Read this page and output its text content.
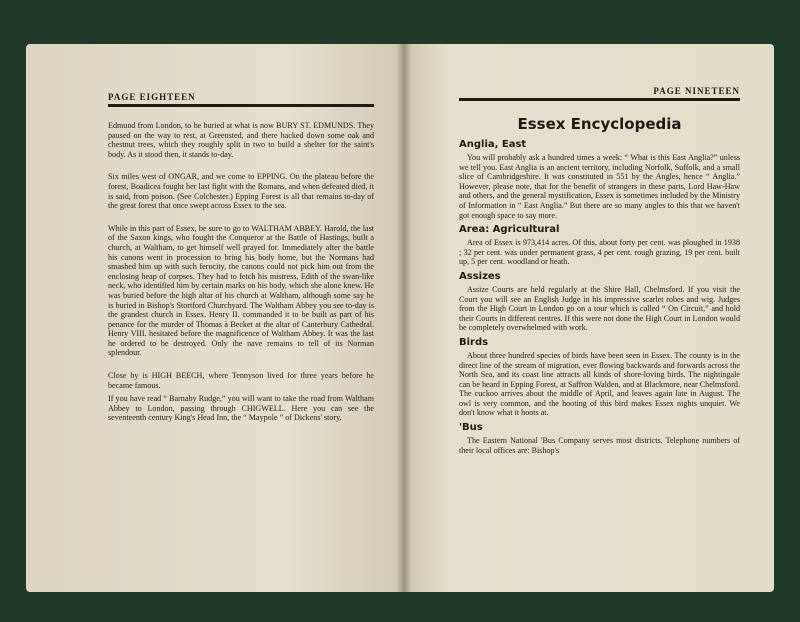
PAGE EIGHTEEN

Edmund from London, to be buried at what is now BURY ST. EDMUNDS. They paused on the way to rest, at Greensted, and there hacked down some oak and chestnut trees, which they roughly split in two to build a shelter for the saint's body. As it stood then, it stands to-day.

Six miles west of ONGAR, and we come to EPPING. On the plateau before the forest, Boadicea fought her last fight with the Romans, and when defeated died, it is said, from poison. (See Colchester.) Epping Forest is all that remains to-day of the great forest that once swept across Essex to the sea.

While in this part of Essex, be sure to go to WALTHAM ABBEY. Harold, the last of the Saxon kings, who fought the Conqueror at the Battle of Hastings, built a church, at Waltham, to get himself well prayed for. Immediately after the battle his canons went in procession to bring his body home, but the Normans had smashed him up with such ferocity, the canons could not pick him out from the enclosing heap of corpses. They had to fetch his mistress, Edith of the swan-like neck, who identified him by certain marks on his body, which she alone knew. He was buried before the high altar of his church at Waltham, although some say he is buried in Bishop's Stortford Churchyard. The Waltham Abbey you see to-day is the grandest church in Essex. Henry II. commanded it to be built as part of his penance for the murder of Thomas à Becket at the altar of Canterbury Cathedral. Henry VIII. hesitated before the magnificence of Waltham Abbey. It was the last he ordered to be destroyed. Only the nave remains to tell of its Norman splendour.

Close by is HIGH BEECH, where Tennyson lived for three years before he became famous.

If you have read “ Barnaby Rudge,” you will want to take the road from Waltham Abbey to London, passing through CHIGWELL. Here you can see the seventeenth century King's Head Inn, the “ Maypole ” of Dickens' story.

PAGE NINETEEN
Essex Encyclopedia
Anglia, East

You will probably ask a hundred times a week: “ What is this East Anglia?” unless we tell you. East Anglia is an ancient territory, including Norfolk, Suffolk, and a small slice of Cambridgeshire. It was constituted in 551 by the Angles, hence “ Anglia.” However, please note, that for the benefit of strangers in these parts, Lord Haw-Haw and others, and the general mystification, Essex is sometimes included by the Ministry of Information in “ East Anglia.” But there are so many angles to this that we haven't got enough space to say more.

Area: Agricultural

Area of Essex is 973,414 acres. Of this, about forty per cent. was ploughed in 1938 ; 32 per cent. was under permanent grass, 4 per cent. rough grazing, 19 per cent. built up, 5 per cent. woodland or heath.

Assizes

Assize Courts are held regularly at the Shire Hall, Chelmsford. If you visit the Court you will see an English Judge in his impressive scarlet robes and wig. Judges from the High Court in London go on a tour which is called “ On Circuit,” and hold their Courts in different centres. If this were not done the High Court in London would be completely overwhelmed with work.

Birds

About three hundred species of birds have been seen in Essex. The county is in the direct line of the stream of migration, ever flowing backwards and forwards across the North Sea, and its coast line attracts all kinds of shore-loving birds. The nightingale can be heard in Epping Forest, at Saffron Walden, and at Blackmore, near Chelmsford. The cuckoo arrives about the middle of April, and leaves again late in August. The owl is very common, and the hooting of this bird makes Essex nights unquiet. We don't know what it hoots at.

'Bus

The Eastern National 'Bus Company serves most districts. Telephone numbers of their local offices are: Bishop's
